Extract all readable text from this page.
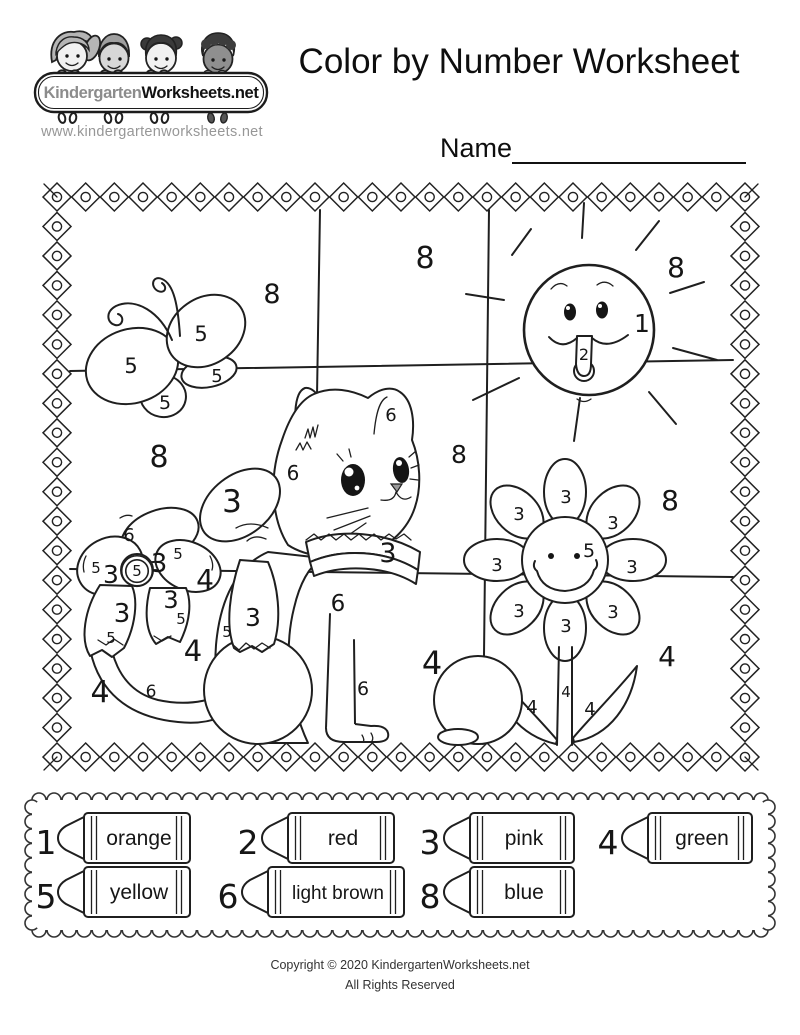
8
8	8
5
5	5
5
1
2
8	8
8
6
6
3
3
6
5
3
5 3 5 4
3
5
3
5
3
5
6
6
6
4
4	4	4
3
3	3
3	3
3	3
3
5
4
4	4
1 orange 2	red 3	pink 4	green
5	yellow 6	light brown 8	blue
Kindergarten Worksheets.net
www.kindergartenworksheets.net
Color by Number Worksheet
Name
Copyright © 2020 KindergartenWorksheets.net
All Rights Reserved
